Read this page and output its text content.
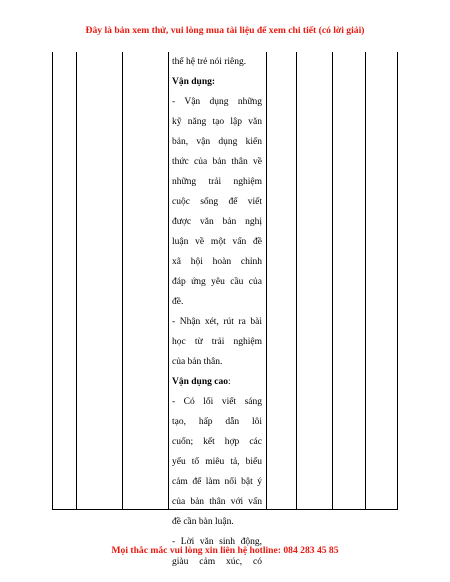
Đây là bản xem thử, vui lòng mua tài liệu để xem chi tiết (có lời giải)
thể hệ trẻ nói riêng.
Vận dụng:
- Vận dụng những
kỹ năng tạo lập văn
bản, vận dụng kiến
thức của bản thân về
những trải nghiệm
cuộc sống để viết
được văn bản nghị
luận về một vấn đề
xã hội hoàn chỉnh
đáp ứng yêu cầu của
đề.
- Nhận xét, rút ra bài
học từ trải nghiệm
của bản thân.
Vận dụng cao:
- Có lối viết sáng
tạo, hấp dẫn lôi
cuốn; kết hợp các
yếu tố miêu tả, biểu
cảm để làm nổi bật ý
của bản thân với vấn
đề cần bàn luận.
- Lời văn sinh động,
giàu cảm xúc, có
Mọi thắc mắc vui lòng xin liên hệ hotline: 084 283 45 85
